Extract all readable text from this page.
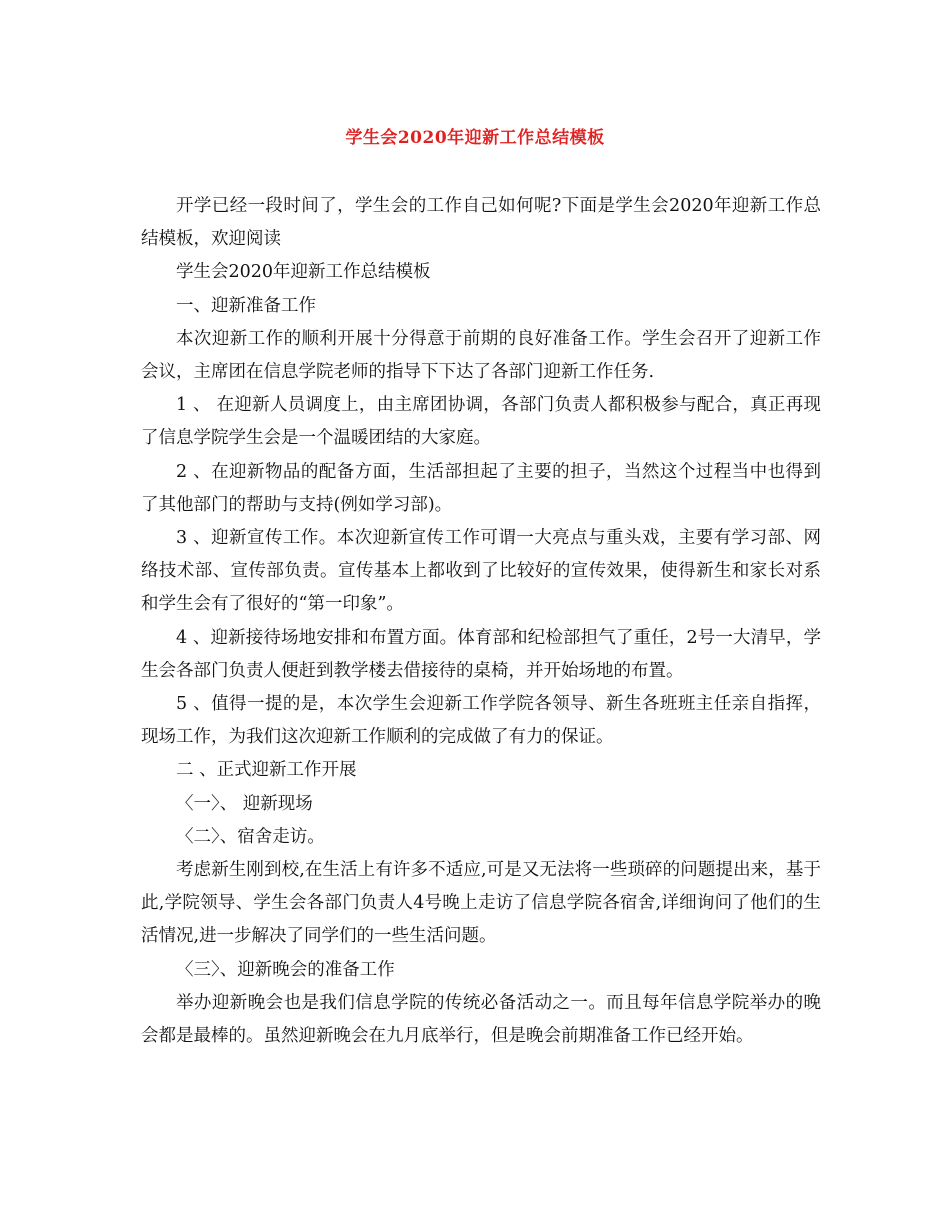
学生会2020年迎新工作总结模板

开学已经一段时间了，学生会的工作自己如何呢?下面是学生会2020年迎新工作总结模板，欢迎阅读

学生会2020年迎新工作总结模板

一、迎新准备工作

本次迎新工作的顺利开展十分得意于前期的良好准备工作。学生会召开了迎新工作会议，主席团在信息学院老师的指导下下达了各部门迎新工作任务.

1 、 在迎新人员调度上，由主席团协调，各部门负责人都积极参与配合，真正再现了信息学院学生会是一个温暖团结的大家庭。

2 、在迎新物品的配备方面，生活部担起了主要的担子，当然这个过程当中也得到了其他部门的帮助与支持(例如学习部)。

3 、迎新宣传工作。本次迎新宣传工作可谓一大亮点与重头戏，主要有学习部、网络技术部、宣传部负责。宣传基本上都收到了比较好的宣传效果，使得新生和家长对系和学生会有了很好的“第一印象”。

4 、迎新接待场地安排和布置方面。体育部和纪检部担气了重任，2号一大清早，学生会各部门负责人便赶到教学楼去借接待的桌椅，并开始场地的布置。

5 、值得一提的是，本次学生会迎新工作学院各领导、新生各班班主任亲自指挥，现场工作，为我们这次迎新工作顺利的完成做了有力的保证。

二 、正式迎新工作开展

〈一〉、 迎新现场

〈二〉、宿舍走访。

考虑新生刚到校,在生活上有许多不适应,可是又无法将一些琐碎的问题提出来，基于此,学院领导、学生会各部门负责人4号晚上走访了信息学院各宿舍,详细询问了他们的生活情况,进一步解决了同学们的一些生活问题。

〈三〉、迎新晚会的准备工作

举办迎新晚会也是我们信息学院的传统必备活动之一。而且每年信息学院举办的晚会都是最棒的。虽然迎新晚会在九月底举行，但是晚会前期准备工作已经开始。
